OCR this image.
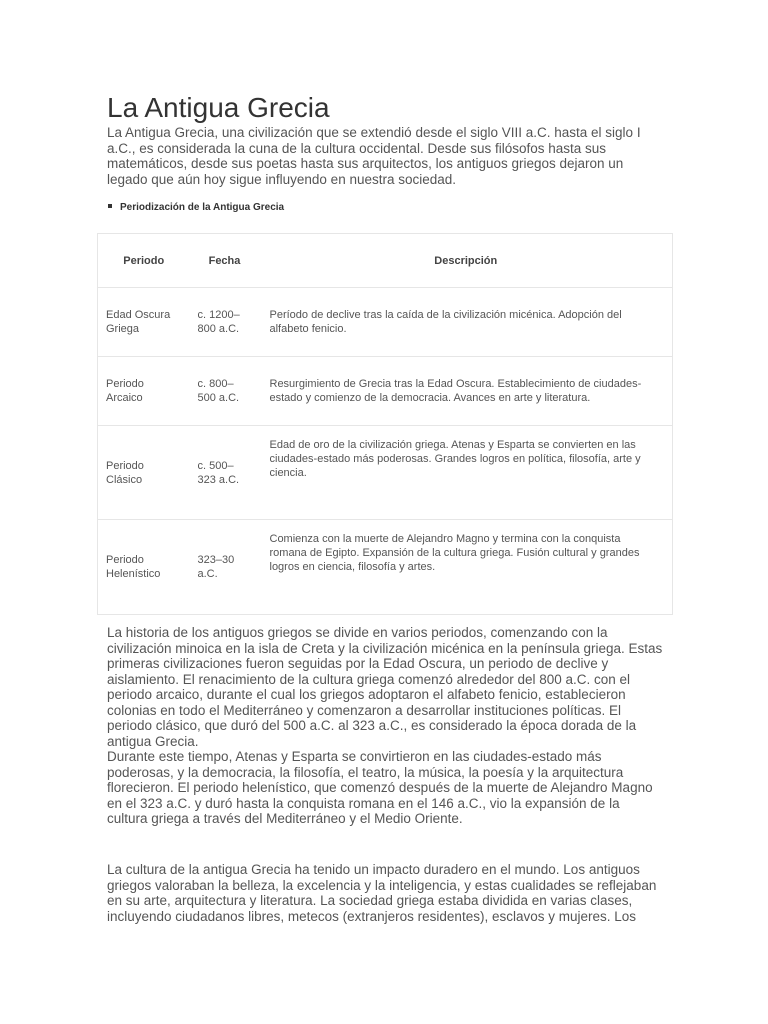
La Antigua Grecia

La Antigua Grecia, una civilización que se extendió desde el siglo VIII a.C. hasta el siglo I a.C., es considerada la cuna de la cultura occidental. Desde sus filósofos hasta sus matemáticos, desde sus poetas hasta sus arquitectos, los antiguos griegos dejaron un legado que aún hoy sigue influyendo en nuestra sociedad.

Periodización de la Antigua Grecia
Periodo	Fecha	Descripción
Edad Oscura Griega	c. 1200–800 a.C.	Período de declive tras la caída de la civilización micénica. Adopción del alfabeto fenicio.
Periodo Arcaico	c. 800–500 a.C.	Resurgimiento de Grecia tras la Edad Oscura. Establecimiento de ciudades-estado y comienzo de la democracia. Avances en arte y literatura.
Periodo Clásico	c. 500–323 a.C.	Edad de oro de la civilización griega. Atenas y Esparta se convierten en las ciudades-estado más poderosas. Grandes logros en política, filosofía, arte y ciencia.
Periodo Helenístico	323–30 a.C.	Comienza con la muerte de Alejandro Magno y termina con la conquista romana de Egipto. Expansión de la cultura griega. Fusión cultural y grandes logros en ciencia, filosofía y artes.
La historia de los antiguos griegos se divide en varios periodos, comenzando con la civilización minoica en la isla de Creta y la civilización micénica en la península griega. Estas primeras civilizaciones fueron seguidas por la Edad Oscura, un periodo de declive y aislamiento. El renacimiento de la cultura griega comenzó alrededor del 800 a.C. con el periodo arcaico, durante el cual los griegos adoptaron el alfabeto fenicio, establecieron colonias en todo el Mediterráneo y comenzaron a desarrollar instituciones políticas. El periodo clásico, que duró del 500 a.C. al 323 a.C., es considerado la época dorada de la antigua Grecia.
Durante este tiempo, Atenas y Esparta se convirtieron en las ciudades-estado más poderosas, y la democracia, la filosofía, el teatro, la música, la poesía y la arquitectura florecieron. El periodo helenístico, que comenzó después de la muerte de Alejandro Magno en el 323 a.C. y duró hasta la conquista romana en el 146 a.C., vio la expansión de la cultura griega a través del Mediterráneo y el Medio Oriente.

La cultura de la antigua Grecia ha tenido un impacto duradero en el mundo. Los antiguos griegos valoraban la belleza, la excelencia y la inteligencia, y estas cualidades se reflejaban en su arte, arquitectura y literatura. La sociedad griega estaba dividida en varias clases, incluyendo ciudadanos libres, metecos (extranjeros residentes), esclavos y mujeres. Los
